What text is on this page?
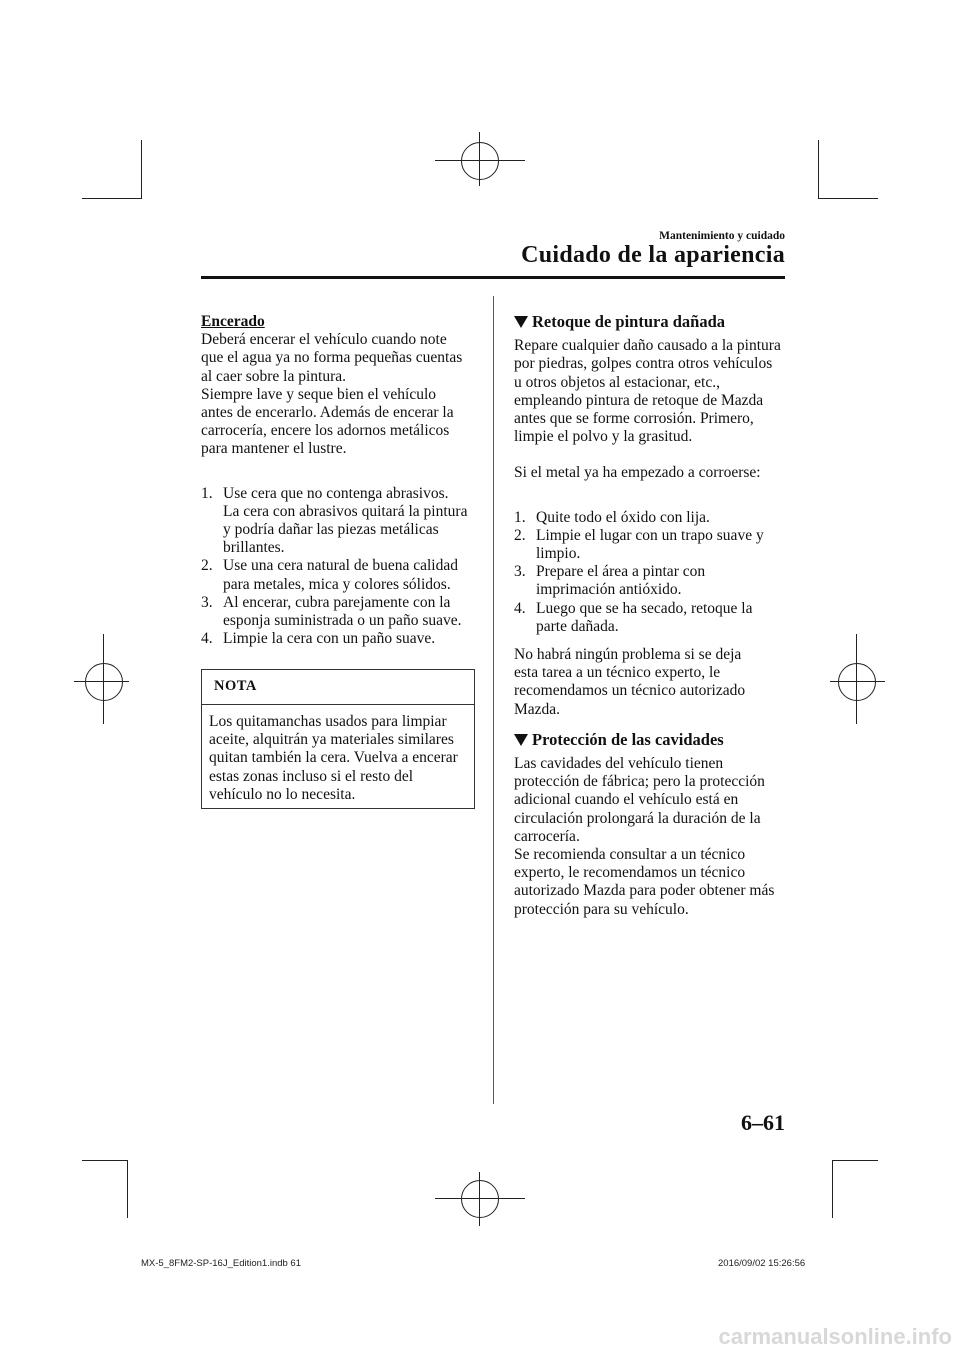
Mantenimiento y cuidado
Cuidado de la apariencia

Encerado

Deberá encerar el vehículo cuando note

que el agua ya no forma pequeñas cuentas

al caer sobre la pintura.

Siempre lave y seque bien el vehículo

antes de encerarlo. Además de encerar la

carrocería, encere los adornos metálicos

para mantener el lustre.

1. Use cera que no contenga abrasivos.

La cera con abrasivos quitará la pintura

y podría dañar las piezas metálicas

brillantes.

2. Use una cera natural de buena calidad

para metales, mica y colores sólidos.

3. Al encerar, cubra parejamente con la

esponja suministrada o un paño suave.

4. Limpie la cera con un paño suave.

NOTA

Los quitamanchas usados para limpiar

aceite, alquitrán ya materiales similares

quitan también la cera. Vuelva a encerar

estas zonas incluso si el resto del

vehículo no lo necesita.

Retoque de pintura dañada

Repare cualquier daño causado a la pintura

por piedras, golpes contra otros vehículos

u otros objetos al estacionar, etc.,

empleando pintura de retoque de Mazda

antes que se forme corrosión. Primero,

limpie el polvo y la grasitud.

Si el metal ya ha empezado a corroerse:

1. Quite todo el óxido con lija.

2. Limpie el lugar con un trapo suave y

limpio.

3. Prepare el área a pintar con

imprimación antióxido.

4. Luego que se ha secado, retoque la

parte dañada.

No habrá ningún problema si se deja

esta tarea a un técnico experto, le

recomendamos un técnico autorizado

Mazda.

Protección de las cavidades

Las cavidades del vehículo tienen

protección de fábrica; pero la protección

adicional cuando el vehículo está en

circulación prolongará la duración de la

carrocería.

Se recomienda consultar a un técnico

experto, le recomendamos un técnico

autorizado Mazda para poder obtener más

protección para su vehículo.

6–61
MX-5_8FM2-SP-16J_Edition1.indb 61	2016/09/02 15:26:56
carmanualsonline.info
